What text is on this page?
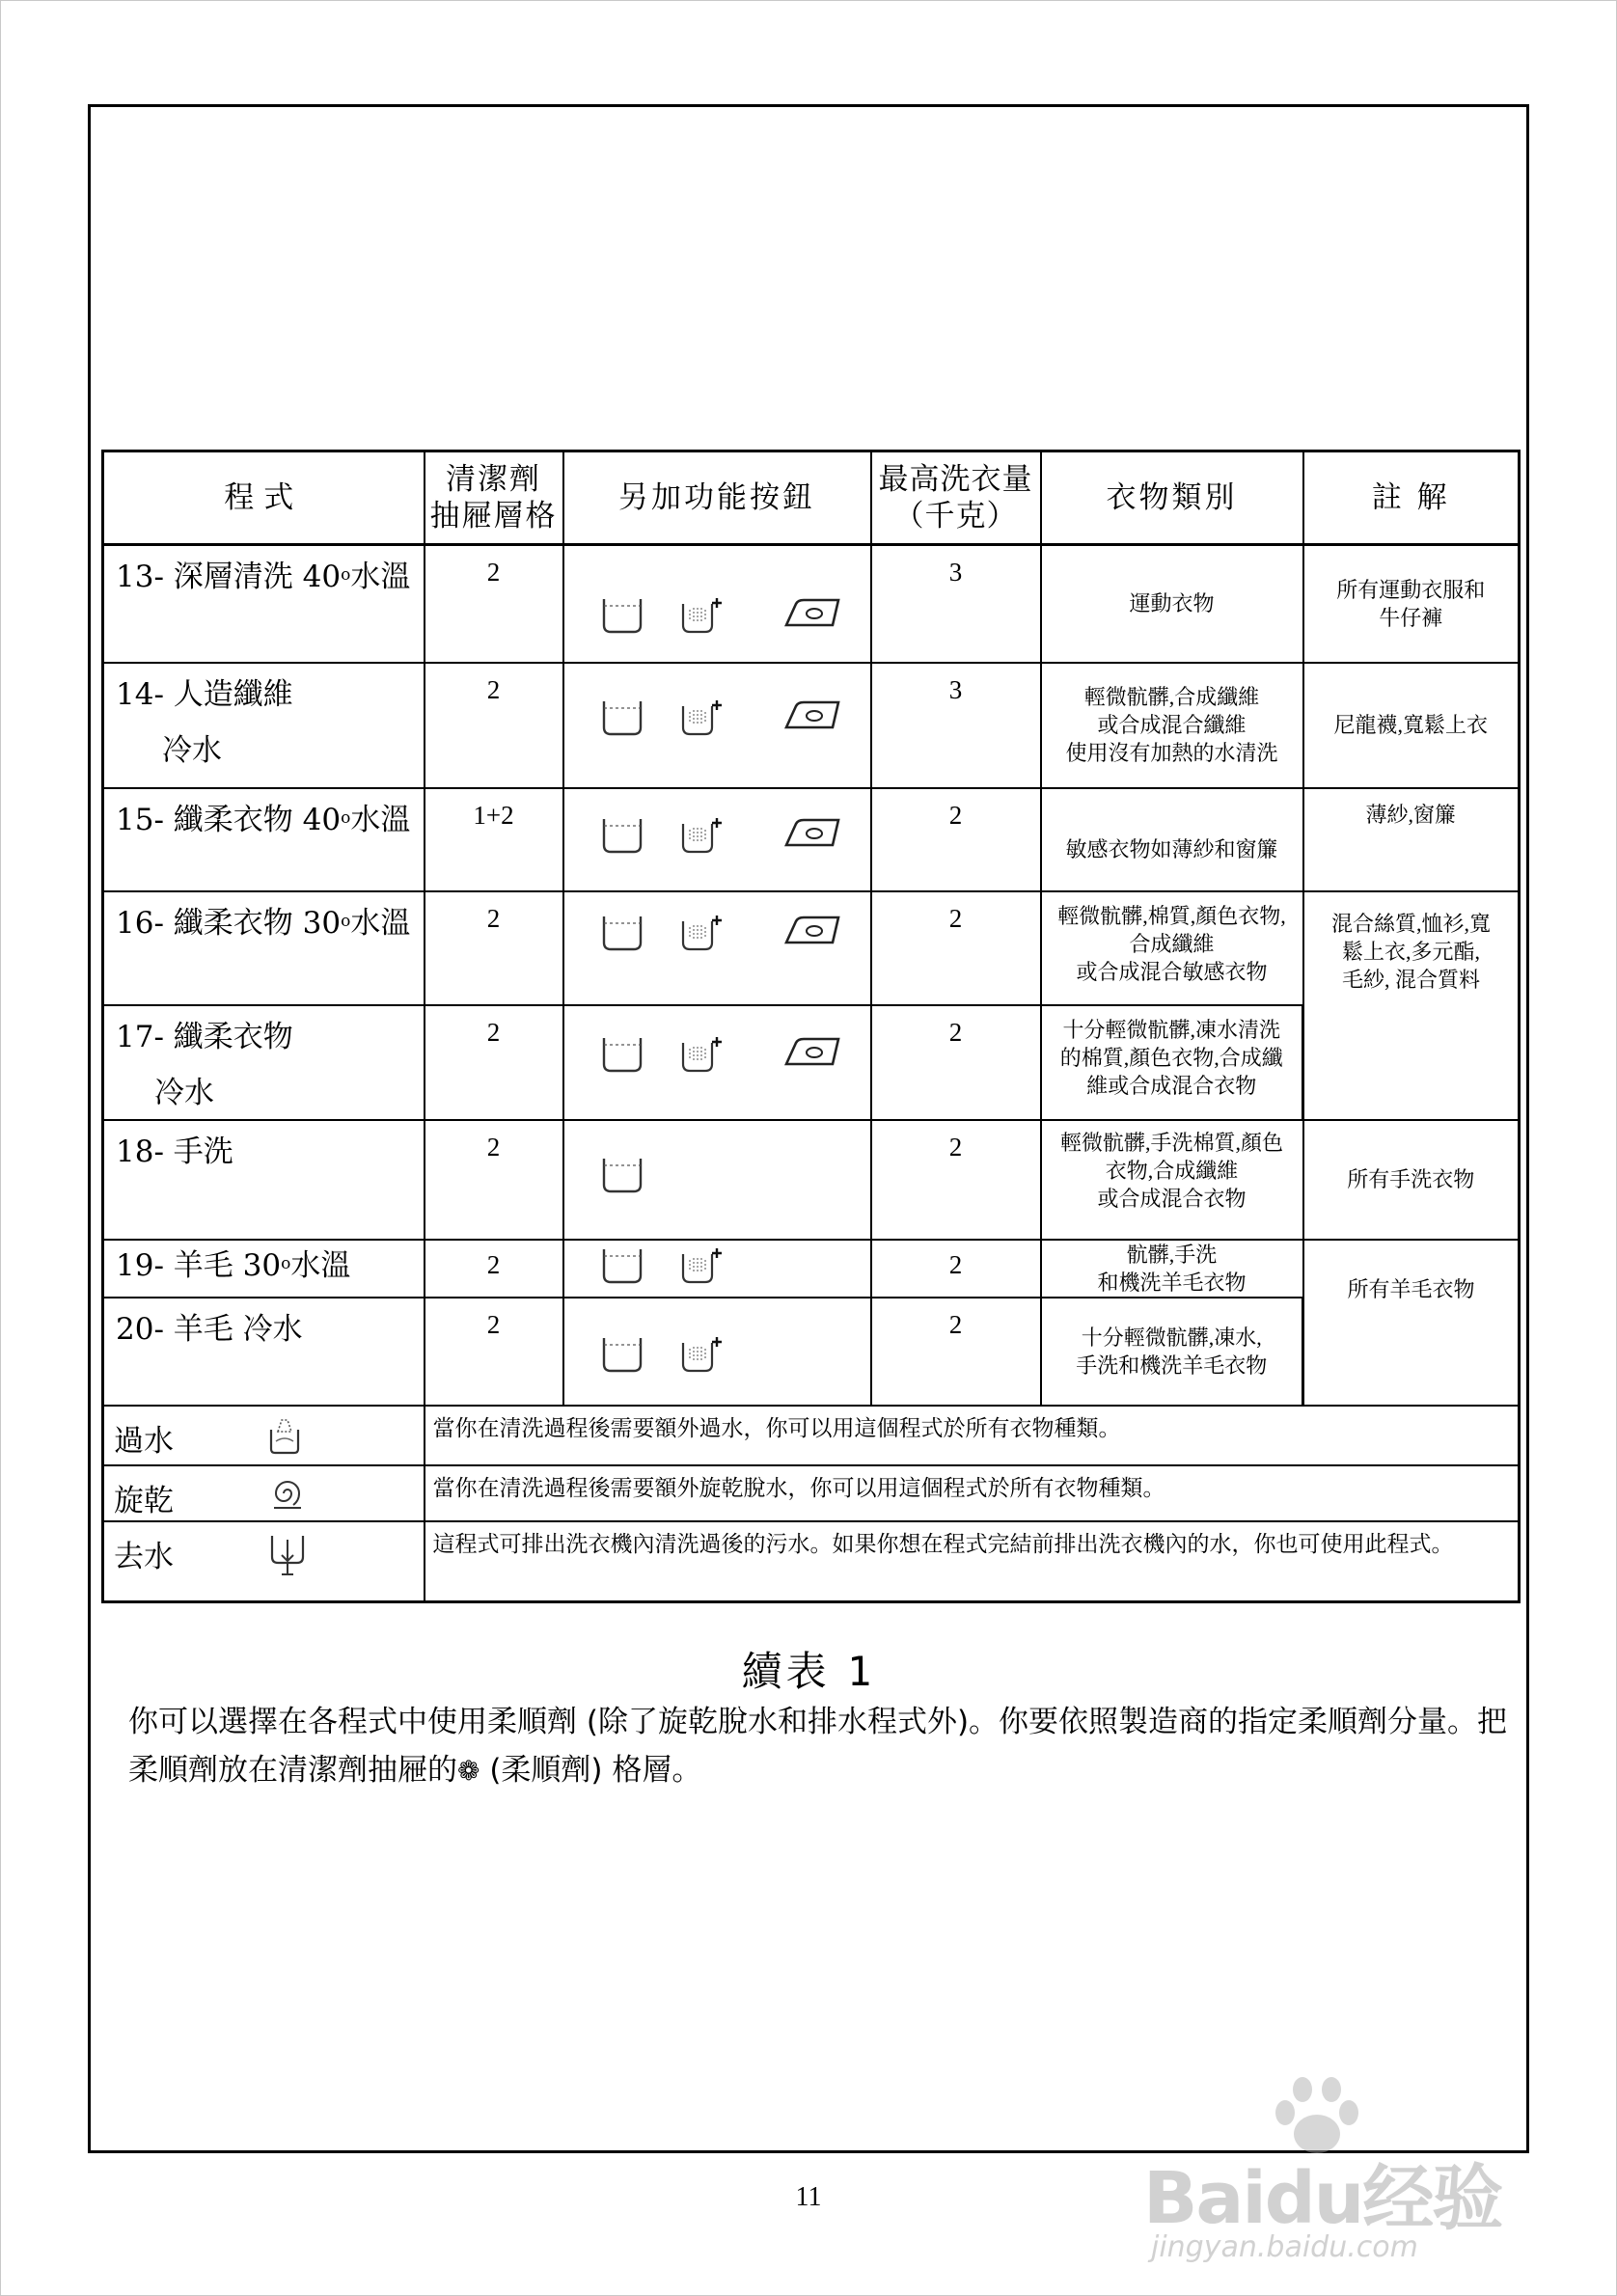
程式	清潔劑
抽屜層格	另加功能按鈕	最高洗衣量
（千克）	衣物類別	註 解
13- 深層清洗 40$^o$水溫	2		3	運動衣物	所有運動衣服和
牛仔褲
14- 人造纖維
冷水	2		3	輕微骯髒,合成纖維
或合成混合纖維
使用沒有加熱的水清洗	尼龍襪,寬鬆上衣
15- 纖柔衣物 40$^o$水溫	1+2		2	敏感衣物如薄紗和窗簾	薄紗,窗簾
16- 纖柔衣物 30$^o$水溫	2		2	輕微骯髒,棉質,顏色衣物,
合成纖維
或合成混合敏感衣物	混合絲質,恤衫,寬
鬆上衣,多元酯,
毛紗, 混合質料
17- 纖柔衣物
冷水	2		2	十分輕微骯髒,凍水清洗
的棉質,顏色衣物,合成纖
維或合成混合衣物	
18- 手洗	2		2	輕微骯髒,手洗棉質,顏色
衣物,合成纖維
或合成混合衣物	所有手洗衣物
19- 羊毛 30$^o$水溫	2		2	骯髒,手洗
和機洗羊毛衣物	所有羊毛衣物
20- 羊毛 冷水	2		2	十分輕微骯髒,凍水,
手洗和機洗羊毛衣物	
過水	當你在清洗過程後需要額外過水，你可以用這個程式於所有衣物種類。				
旋乾	當你在清洗過程後需要額外旋乾脫水，你可以用這個程式於所有衣物種類。				
去水	這程式可排出洗衣機內清洗過後的污水。如果你想在程式完結前排出洗衣機內的水，你也可使用此程式。				
續表 1
你可以選擇在各程式中使用柔順劑 (除了旋乾脫水和排水程式外)。你要依照製造商的指定柔順劑分量。把柔順劑放在清潔劑抽屜的❁ (柔順劑) 格層。
11	Baidu经验
jingyan.baidu.com
